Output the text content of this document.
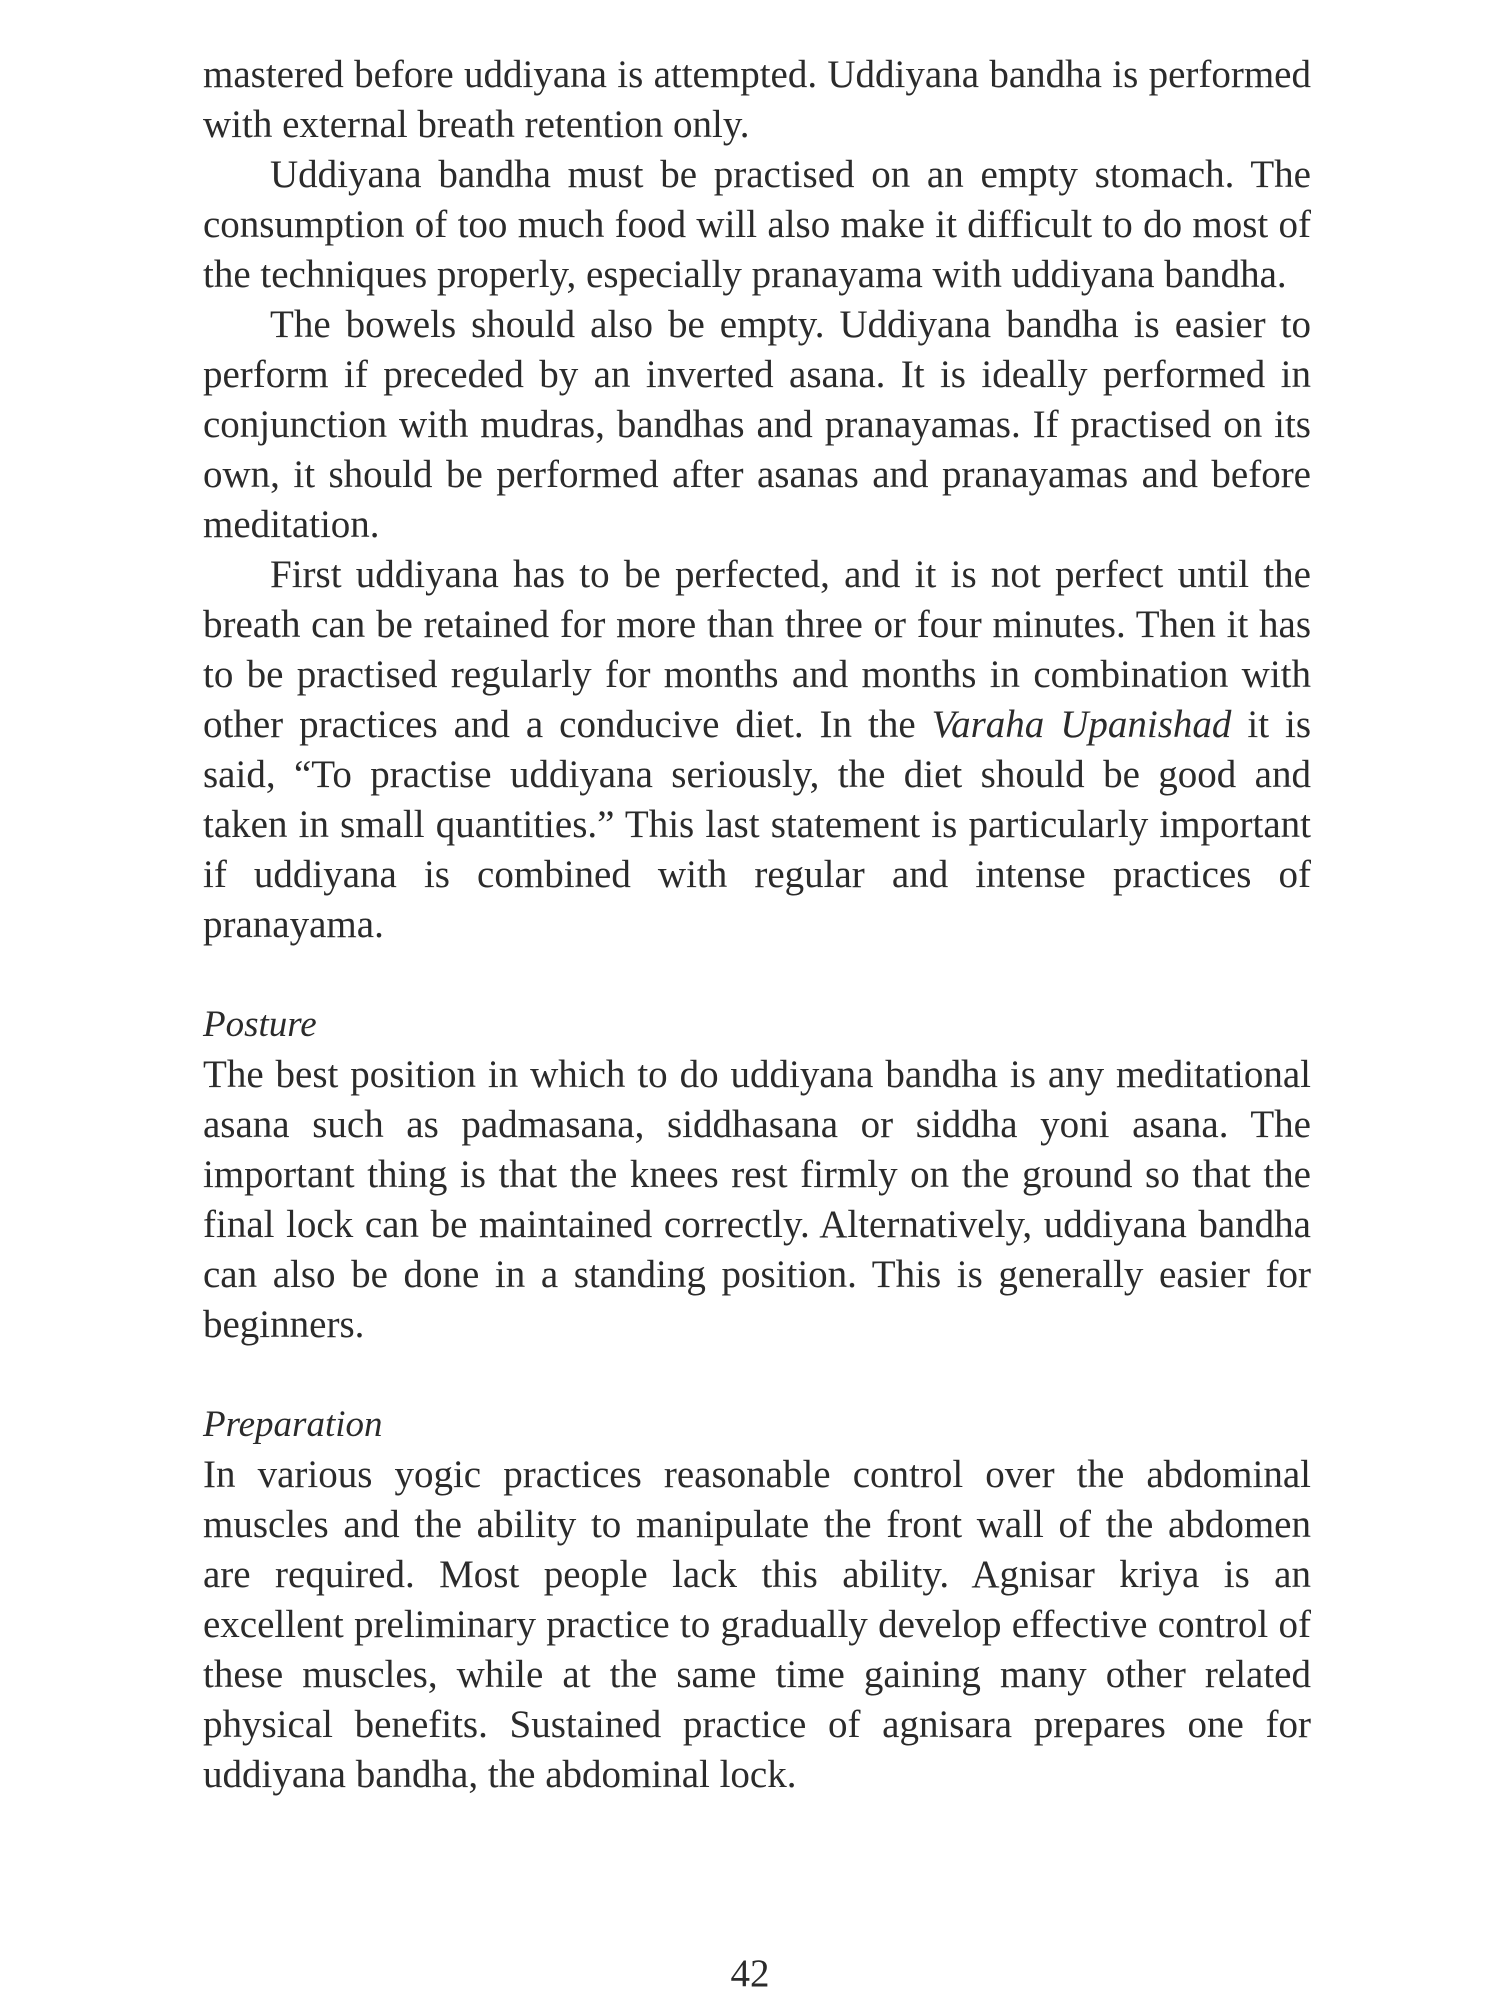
mastered before uddiyana is attempted. Uddiyana bandha is performed with external breath retention only.

Uddiyana bandha must be practised on an empty stomach. The consumption of too much food will also make it difficult to do most of the techniques properly, especially pranayama with uddiyana bandha.

The bowels should also be empty. Uddiyana bandha is easier to perform if preceded by an inverted asana. It is ideally performed in conjunction with mudras, bandhas and pranayamas. If practised on its own, it should be performed after asanas and pranayamas and before meditation.

First uddiyana has to be perfected, and it is not perfect until the breath can be retained for more than three or four minutes. Then it has to be practised regularly for months and months in combination with other practices and a conducive diet. In the Varaha Upanishad it is said, “To practise uddiyana seriously, the diet should be good and taken in small quantities.” This last statement is particularly important if uddiyana is combined with regular and intense practices of pranayama.

Posture

The best position in which to do uddiyana bandha is any meditational asana such as padmasana, siddhasana or siddha yoni asana. The important thing is that the knees rest firmly on the ground so that the final lock can be maintained correctly. Alternatively, uddiyana bandha can also be done in a standing position. This is generally easier for beginners.

Preparation

In various yogic practices reasonable control over the abdominal muscles and the ability to manipulate the front wall of the abdomen are required. Most people lack this ability. Agnisar kriya is an excellent preliminary practice to gradually develop effective control of these muscles, while at the same time gaining many other related physical benefits. Sustained practice of agnisara prepares one for uddiyana bandha, the abdominal lock.

42
